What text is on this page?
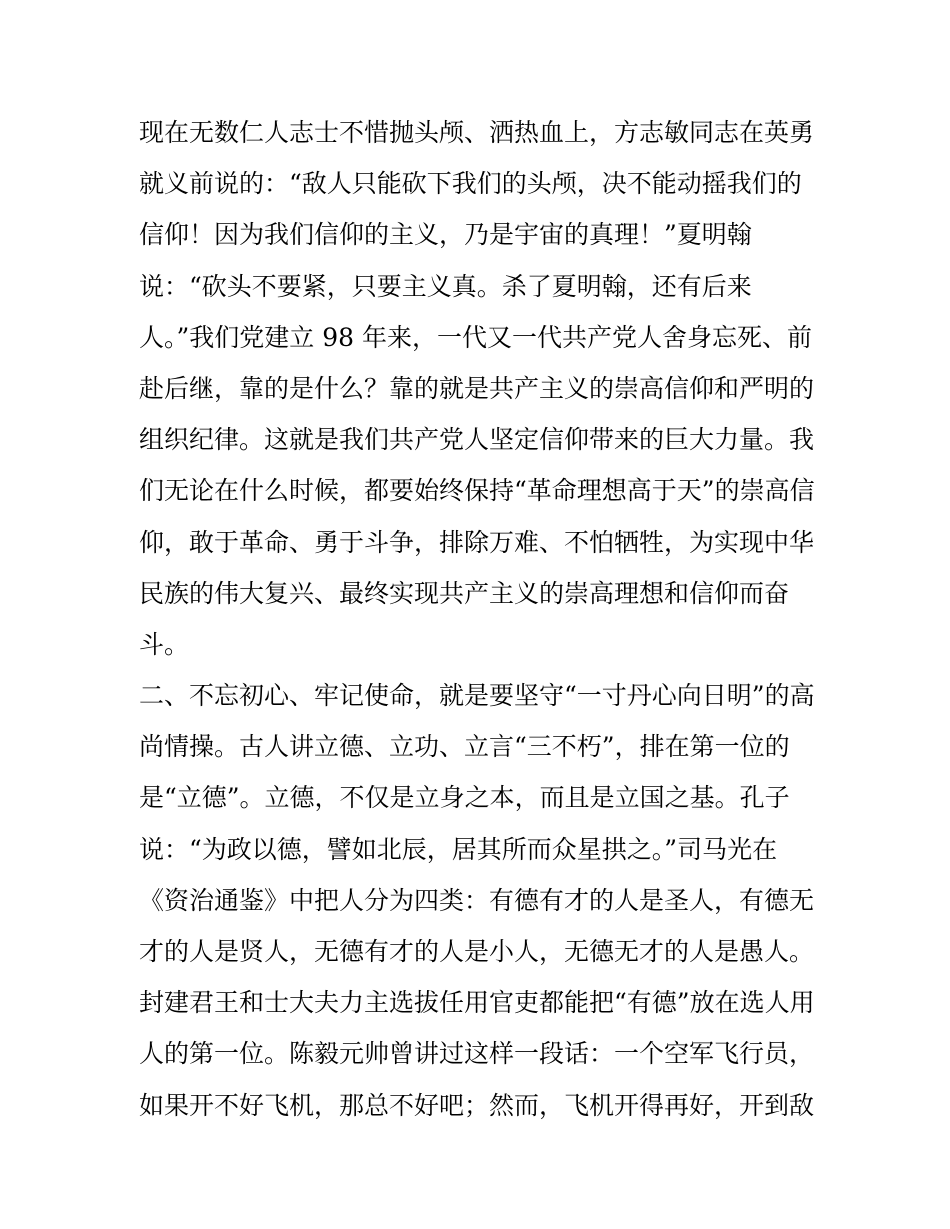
现在无数仁人志士不惜抛头颅、洒热血上，方志敏同志在英勇
就义前说的：“敌人只能砍下我们的头颅，决不能动摇我们的
信仰！因为我们信仰的主义，乃是宇宙的真理！”夏明翰
说：“砍头不要紧，只要主义真。杀了夏明翰，还有后来
人。”我们党建立 98 年来，一代又一代共产党人舍身忘死、前
赴后继，靠的是什么？靠的就是共产主义的崇高信仰和严明的
组织纪律。这就是我们共产党人坚定信仰带来的巨大力量。我
们无论在什么时候，都要始终保持“革命理想高于天”的崇高信
仰，敢于革命、勇于斗争，排除万难、不怕牺牲，为实现中华
民族的伟大复兴、最终实现共产主义的崇高理想和信仰而奋
斗。
二、不忘初心、牢记使命，就是要坚守“一寸丹心向日明”的高
尚情操。古人讲立德、立功、立言“三不朽”，排在第一位的
是“立德”。立德，不仅是立身之本，而且是立国之基。孔子
说：“为政以德，譬如北辰，居其所而众星拱之。”司马光在
《资治通鉴》中把人分为四类：有德有才的人是圣人，有德无
才的人是贤人，无德有才的人是小人，无德无才的人是愚人。
封建君王和士大夫力主选拔任用官吏都能把“有德”放在选人用
人的第一位。陈毅元帅曾讲过这样一段话：一个空军飞行员，
如果开不好飞机，那总不好吧；然而，飞机开得再好，开到敌
